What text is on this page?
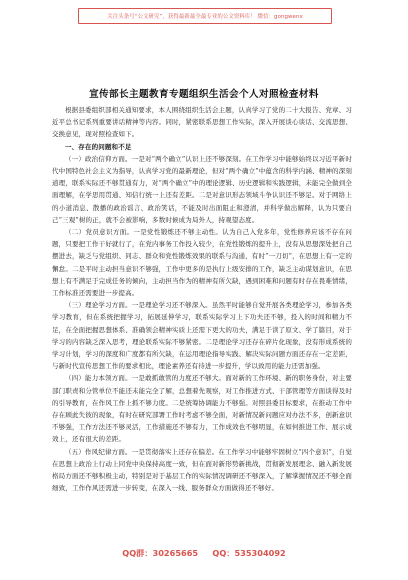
关注头条号“公文研究”，获得最新最全最专业的公文资料库！ 微信：gongwenx
宣传部长主题教育专题组织生活会个人对照检查材料

根据县委组织部相关通知要求，本人围绕组织生活会主题，认真学习了党的二十大报告、党章、习近平总书记系列重要讲话精神等内容。同时，紧密联系思想工作实际，深入开展谈心谈话、交流思想、交换意见，现对照检查如下。

一、存在的问题和不足

（一）政治信仰方面。一是对“两个确立”认识上还不够深刻。在工作学习中能够始终以习近平新时代中国特色社会主义为指导，认真学习党的最新理论，但对“两个确立”中蕴含的科学内涵、精神的深刻道理，联系实际还不够贯通有力，对“两个确立”中的理论逻辑、历史逻辑和实践逻辑，未能完全做到全面理解，在学思用贯通、知信行统一上还有差距。二是对意识形态领域斗争认识还不够足。对于网络上的小道消息、散播的政治谣言、政治笑话，不能及时出面阻止和澄清，并科学做出解释，认为只要自己“三观”树的正，就不会被影响，多数时候成为局外人，持观望态度。

（二）党员意识方面。一是党性锻炼还不够主动性。认为自己入党多年，党性修养应该不存在问题，只要把工作干好就行了，在党内事务工作投入较少，在党性锻炼的提升上，没有从思想深处把自己摆进去，缺乏与党组织、同志、群众和党性锻炼效果的联系与沟通，有时“一刀切”，在思想上有一定的懈怠。二是平时主动担当意识不够强，工作中更多的是执行上级安排的工作，缺乏主动谋划意识，在思想上有不满足于完成任务的倾向，主动担当作为的精神有所欠缺，遇到困难和问题有时存在畏难情绪，工作标准还需要进一步提高。

（三）理论学习方面。一是理论学习还不够深入。虽然平时能够自觉开展各类理论学习，参加各类学习教育，但在系统把握学习，拓展延伸学习，联系实际学习上下功夫还不够，投入的时间和精力不足，在全面把握思想体系、准确领会精神实质上还需下更大的功夫，满足于读了原文、学了篇目，对于学习的内容缺乏深入思考，理论联系实际不够紧密。二是理论学习还存在碎片化现象，没有形成系统的学习计划，学习的深度和广度都有所欠缺，在运用理论指导实践、解决实际问题方面还存在一定差距，与新时代宣传思想工作的要求相比，理论素养还有待进一步提升，学以致用的能力还需加强。

（四）能力本领方面。一是敢抓敢管的力度还不够大。面对新的工作环境、新的职务身份，对主要部门职责和分管单位不能还未能完全了解，总想着先观察，对工作推进方式、干部管理等方面谈得及时的引导教育，在作风工作上抓不够力度。二是统筹协调能力不够强。对照县委目标要求，在推动工作中存在顾此失彼的现象，有时在研究部署工作时考虑不够全面，对新情况新问题应对办法不多，创新意识不够强，工作方法还不够灵活，工作措施还不够有力，工作成效也不够明显，在如何推进工作、展示成效上，还有很大的差距。

（五）作风纪律方面。一是贯彻落实上还存在偏差。在工作学习中能够牢固树立“四个意识”，自觉在思想上政治上行动上同党中央保持高度一致，但在面对新形势新挑战，贯彻新发展理念、融入新发展格局方面还不够积极主动，特别是对于基层工作的实际情况调研还不够深入，了解掌握情况还不够全面细致，工作作风还需进一步转变，在深入一线、服务群众方面做得还不够好。

QQ群：30265665     QQ：535304092
